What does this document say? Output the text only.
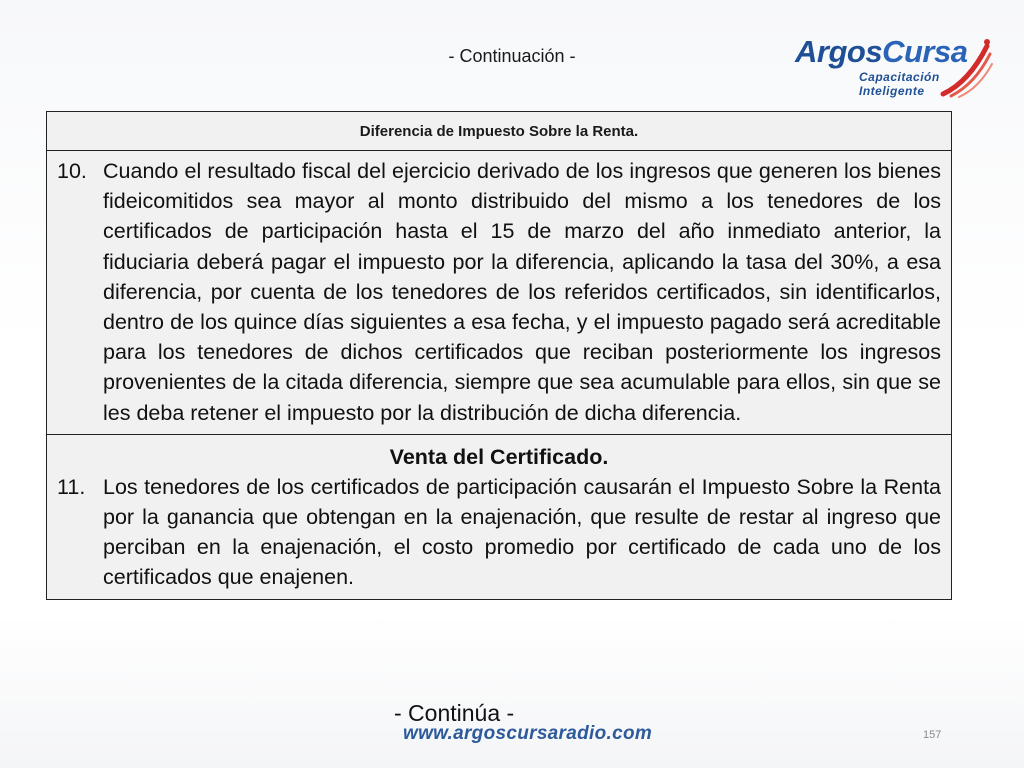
- Continuación -	ArgosCursa
Capacitación
Inteligente
Diferencia de Impuesto Sobre la Renta.
10. Cuando el resultado fiscal del ejercicio derivado de los ingresos que generen los bienes fideicomitidos sea mayor al monto distribuido del mismo a los tenedores de los certificados de participación hasta el 15 de marzo del año inmediato anterior, la fiduciaria deberá pagar el impuesto por la diferencia, aplicando la tasa del 30%, a esa diferencia, por cuenta de los tenedores de los referidos certificados, sin identificarlos, dentro de los quince días siguientes a esa fecha, y el impuesto pagado será acreditable para los tenedores de dichos certificados que reciban posteriormente los ingresos provenientes de la citada diferencia, siempre que sea acumulable para ellos, sin que se les deba retener el impuesto por la distribución de dicha diferencia.
Venta del Certificado.
11. Los tenedores de los certificados de participación causarán el Impuesto Sobre la Renta por la ganancia que obtengan en la enajenación, que resulte de restar al ingreso que perciban en la enajenación, el costo promedio por certificado de cada uno de los certificados que enajenen.
- Continúa -
www.argoscursaradio.com	157
